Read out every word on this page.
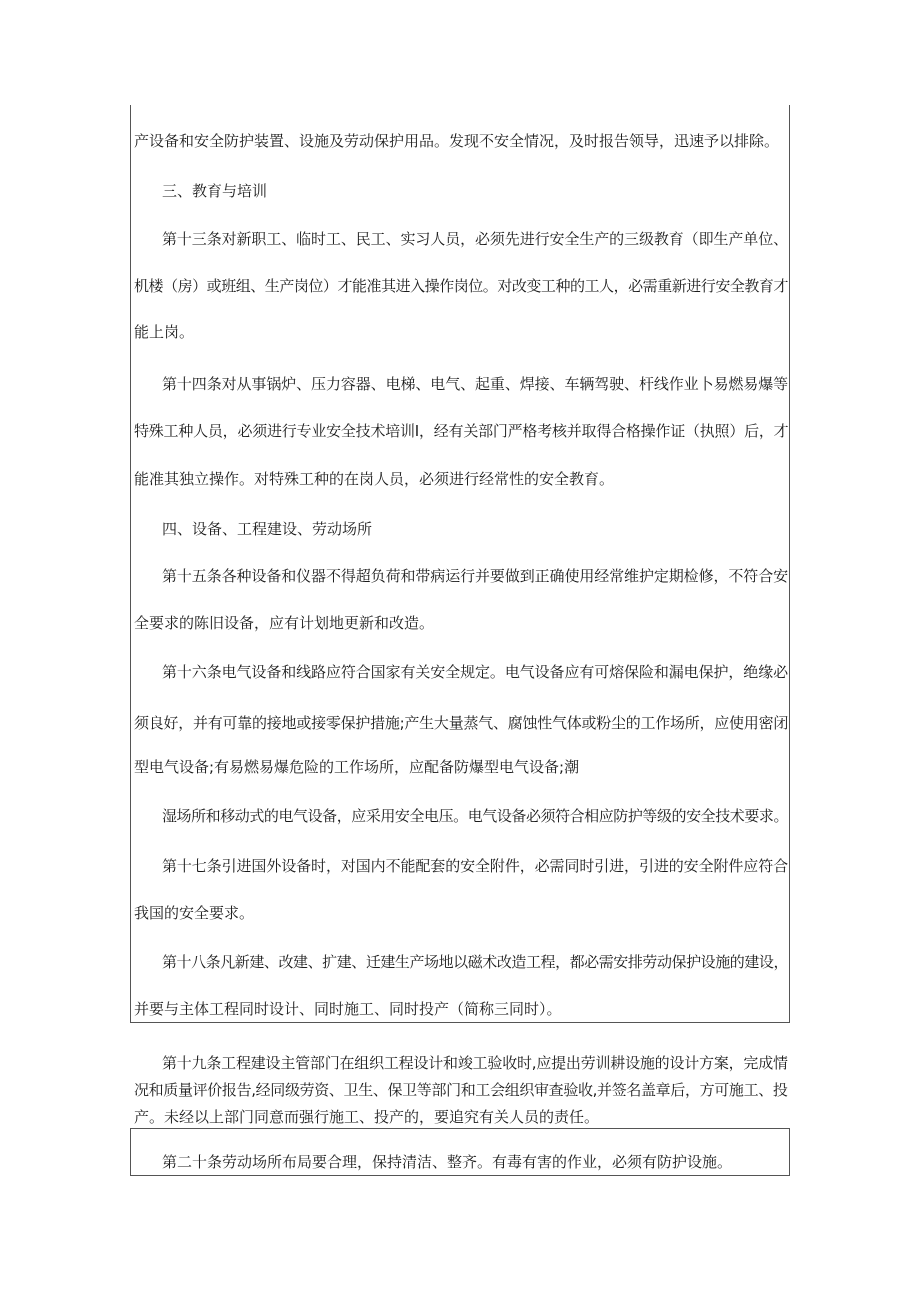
产设备和安全防护装置、设施及劳动保护用品。发现不安全情况，及时报告领导，迅速予以排除。
三、教育与培训
第十三条对新职工、临时工、民工、实习人员，必须先进行安全生产的三级教育（即生产单位、
机楼（房）或班组、生产岗位）才能准其进入操作岗位。对改变工种的工人，必需重新进行安全教育才
能上岗。
第十四条对从事锅炉、压力容器、电梯、电气、起重、焊接、车辆驾驶、杆线作业卜易燃易爆等
特殊工种人员，必须进行专业安全技术培训I，经有关部门严格考核并取得合格操作证（执照）后，才
能准其独立操作。对特殊工种的在岗人员，必须进行经常性的安全教育。
四、设备、工程建设、劳动场所
第十五条各种设备和仪器不得超负荷和带病运行并要做到正确使用经常维护定期检修，不符合安
全要求的陈旧设备，应有计划地更新和改造。
第十六条电气设备和线路应符合国家有关安全规定。电气设备应有可熔保险和漏电保护，绝缘必
须良好，并有可靠的接地或接零保护措施;产生大量蒸气、腐蚀性气体或粉尘的工作场所，应使用密闭
型电气设备;有易燃易爆危险的工作场所，应配备防爆型电气设备;潮
湿场所和移动式的电气设备，应采用安全电压。电气设备必须符合相应防护等级的安全技术要求。
第十七条引进国外设备时，对国内不能配套的安全附件，必需同时引进，引进的安全附件应符合
我国的安全要求。
第十八条凡新建、改建、扩建、迁建生产场地以磁术改造工程，都必需安排劳动保护设施的建设，
并要与主体工程同时设计、同时施工、同时投产（简称三同时）。
第十九条工程建设主管部门在组织工程设计和竣工验收时,应提出劳训耕设施的设计方案，完成情
况和质量评价报告,经同级劳资、卫生、保卫等部门和工会组织审查验收,并签名盖章后，方可施工、投
产。未经以上部门同意而强行施工、投产的，要追究有关人员的责任。
第二十条劳动场所布局要合理，保持清洁、整齐。有毒有害的作业，必须有防护设施。
